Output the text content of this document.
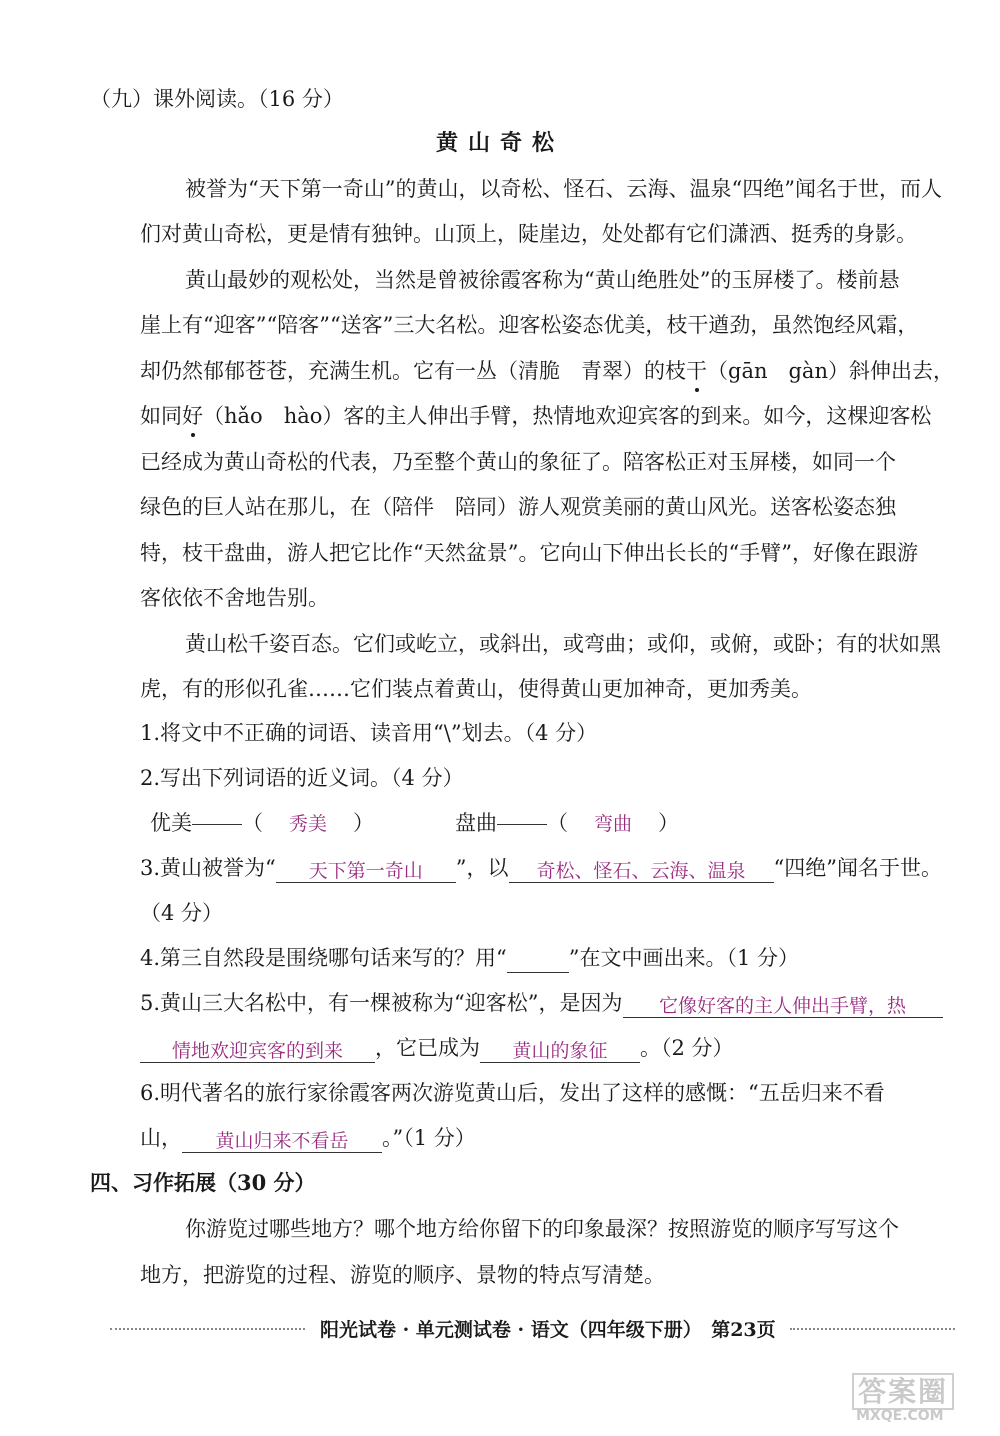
（九）课外阅读。（16 分）
黄山奇松
被誉为“天下第一奇山”的黄山，以奇松、怪石、云海、温泉“四绝”闻名于世，而人
们对黄山奇松，更是情有独钟。山顶上，陡崖边，处处都有它们潇洒、挺秀的身影。
黄山最妙的观松处，当然是曾被徐霞客称为“黄山绝胜处”的玉屏楼了。楼前悬
崖上有“迎客”“陪客”“送客”三大名松。迎客松姿态优美，枝干遒劲，虽然饱经风霜，
却仍然郁郁苍苍，充满生机。它有一丛（清脆　青翠）的枝干（gān　gàn）斜伸出去，
如同好（hǎo　hào）客的主人伸出手臂，热情地欢迎宾客的到来。如今，这棵迎客松
已经成为黄山奇松的代表，乃至整个黄山的象征了。陪客松正对玉屏楼，如同一个
绿色的巨人站在那儿，在（陪伴　陪同）游人观赏美丽的黄山风光。送客松姿态独
特，枝干盘曲，游人把它比作“天然盆景”。它向山下伸出长长的“手臂”，好像在跟游
客依依不舍地告别。
黄山松千姿百态。它们或屹立，或斜出，或弯曲；或仰，或俯，或卧；有的状如黑
虎，有的形似孔雀……它们装点着黄山，使得黄山更加神奇，更加秀美。
1.将文中不正确的词语、读音用“\”划去。（4 分）
2.写出下列词语的近义词。（4 分）
优美 （ 秀美 ）	盘曲 （ 弯曲 ）
3.黄山被誉为“ 天下第一奇山 ”，以 奇松、怪石、云海、温泉 “四绝”闻名于世。
（4 分）
4.第三自然段是围绕哪句话来写的？用“	”在文中画出来。（1 分）
5.黄山三大名松中，有一棵被称为“迎客松”，是因为 它像好客的主人伸出手臂，热
情地欢迎宾客的到来 ，它已成为 黄山的象征 。（2 分）
6.明代著名的旅行家徐霞客两次游览黄山后，发出了这样的感慨：“五岳归来不看
山， 黄山归来不看岳 。”（1 分）
四、习作拓展（30 分）
你游览过哪些地方？哪个地方给你留下的印象最深？按照游览的顺序写写这个
地方，把游览的过程、游览的顺序、景物的特点写清楚。
阳光试卷 · 单元测试卷 · 语文（四年级下册）　第23页
答案圈
MXQE.COM
